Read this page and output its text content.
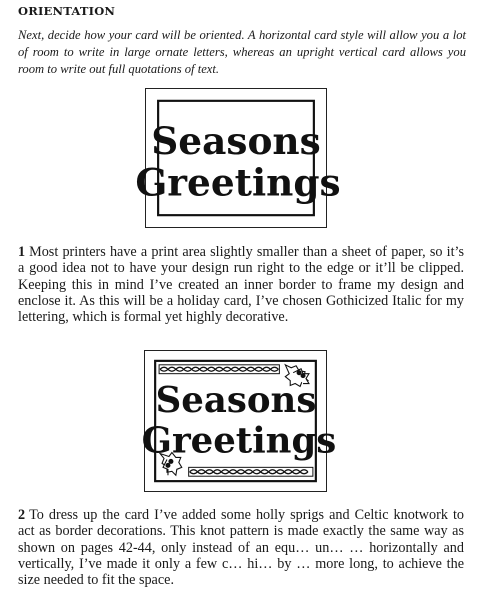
ORIENTATION

Next, decide how your card will be oriented. A horizontal card style will allow you a lot of room to write in large ornate letters, whereas an upright vertical card allows you room to write out full quotations of text.

Seasons
Greetings

1 Most printers have a print area slightly smaller than a sheet of paper, so it’s a good idea not to have your design run right to the edge or it’ll be clipped. Keeping this in mind I’ve created an inner border to frame my design and enclose it. As this will be a holiday card, I’ve chosen Gothicized Italic for my lettering, which is formal yet highly decorative.

Seasons
Greetings

2 To dress up the card I’ve added some holly sprigs and Celtic knotwork to act as border decorations. This knot pattern is made exactly the same way as shown on pages 42-44, only instead of an equ… un… … horizontally and vertically, I’ve made it only a few c… hi… by … more long, to achieve the size needed to fit the space.
